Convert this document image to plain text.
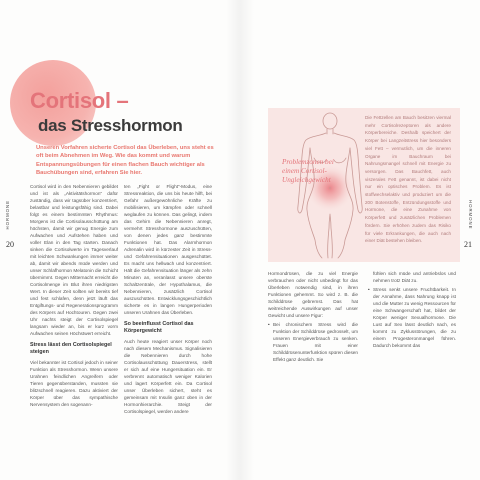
Cortisol –
das Stresshormon
Unseren Vorfahren sicherte Cortisol das Überleben, uns steht es oft beim Abnehmen im Weg. Wie das kommt und warum Entspannungsübungen für einen flachen Bauch wichtiger als Bauchübungen sind, erfahren Sie hier.

Cortisol wird in den Nebennieren gebildet und ist als „Aktivitätshormon“ dafür zuständig, dass wir tagsüber konzentriert, belastbar und leistungsfähig sind. Dabei folgt es einem bestimmten Rhythmus: Morgens ist die Cortisolausschüttung am höchsten, damit wir genug Energie zum Aufwachen und Aufstehen haben und voller Elan in den Tag starten. Danach sinken die Cortisolwerte im Tagesverlauf mit leichten Schwankungen immer weiter ab, damit wir abends müde werden und unser Schlafhormon Melatonin die Schicht übernimmt. Gegen Mitternacht erreicht die Cortisolmenge im Blut ihren niedrigsten Wert. In dieser Zeit sollten wir bereits tief und fest schlafen, denn jetzt läuft das Entgiftungs- und Regenerationsprogramm des Körpers auf Hochtouren. Gegen zwei Uhr nachts steigt der Cortisolspiegel langsam wieder an, bis er kurz vorm Aufwachen seinen Höchstwert erreicht.

Stress lässt den Cortisolspiegel steigen

Viel bekannter ist Cortisol jedoch in seiner Funktion als Stresshormon. Wenn unsere Urahnen feindlichen Angreifern oder Tieren gegenüberstanden, mussten sie blitzschnell reagieren. Dazu aktiviert der Körper über das sympathische Nervensystem den sogenann-

ten „Fight or Flight“-Modus, eine Stressreaktion, die uns bis heute hilft, bei Gefahr außergewöhnliche Kräfte zu mobilisieren, um kämpfen oder schnell weglaufen zu können. Das gelingt, indem das Gehirn die Nebennieren anregt, vermehrt Stresshormone auszuschütten, von denen jedes ganz bestimmte Funktionen hat. Das Alarmhormon Adrenalin wird in kürzester Zeit in Stress- und Gefahrensituationen ausgeschüttet. Es macht uns hellwach und konzentriert. Hält die Gefahrensituation länger als zehn Minuten an, veranlasst unsere oberste Schaltzentrale, der Hypothalamus, die Nebennieren, zusätzlich Cortisol auszuschütten. Entwicklungsgeschichtlich sicherte es in langen Hungerperioden unseren Urahnen das Überleben.

So beeinflusst Cortisol das Körpergewicht

Auch heute reagiert unser Körper noch nach diesem Mechanismus. Signalisieren die Nebennieren durch hohe Cortisolausschüttung Dauerstress, stellt er sich auf eine Hungersituation ein. Er verbrennt automatisch weniger Kalorien und lagert Körperfett ein. Da Cortisol unser Überleben sichert, steht es gemeinsam mit Insulin ganz oben in der Hormonhierarchie. Steigt der Cortisolspiegel, werden andere

HORMONE
20
Problemzonen bei einem Cortisol-Ungleichgewicht
Die Fettzellen am Bauch besitzen viermal mehr Cortisolrezeptoren als andere Körperbereiche. Deshalb speichert der Körper bei Langzeitstress hier besonders viel Fett – vermutlich, um die inneren Organe im Bauchraum bei Nahrungsmangel schnell mit Energie zu versorgen. Das Bauchfett, auch viszerales Fett genannt, ist dabei nicht nur ein optisches Problem. Es ist stoffwechselaktiv und produziert um die 200 Botenstoffe, Entzündungsstoffe und Hormone, die eine Zunahme von Körperfett und zusätzlichen Problemen fördern. Sie erhöhen zudem das Risiko für viele Erkrankungen, die auch nach einer Diät bestehen bleiben.

Hormondrüsen, die zu viel Energie verbrauchen oder nicht unbedingt für das Überleben notwendig sind, in ihren Funktionen gehemmt. So wird z. B. die Schilddrüse gebremst. Das hat weitreichende Auswirkungen auf unser Gewicht und unsere Figur:

• Bei chronischem Stress wird die Funktion der Schilddrüse gedrosselt, um unseren Energieverbrauch zu senken. Frauen mit einer Schilddrüsenunterfunktion spüren diesen Effekt ganz deutlich. Sie

fühlen sich müde und antriebslos und nehmen trotz Diät zu.

• Stress senkt unsere Fruchtbarkeit. In der Annahme, dass Nahrung knapp ist und die Mutter zu wenig Ressourcen für eine Schwangerschaft hat, bildet der Körper weniger Sexualhormone. Die Lust auf Sex lässt deutlich nach, es kommt zu Zyklusstörungen, die zu einem Progesteronmangel führen. Dadurch bekommt das

HORMONE
21
